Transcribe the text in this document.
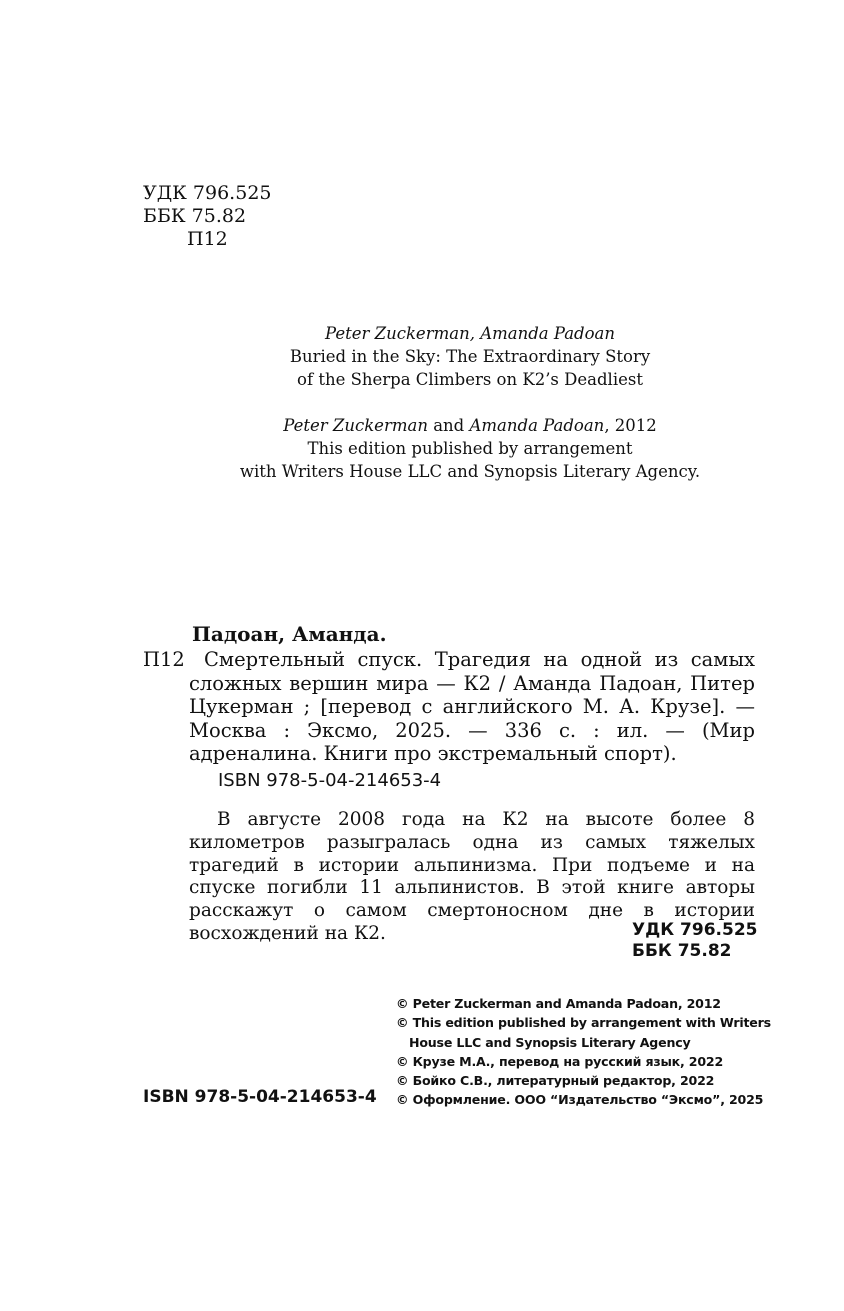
УДК 796.525
ББК 75.82
П12
Peter Zuckerman, Amanda Padoan
Buried in the Sky: The Extraordinary Story
of the Sherpa Climbers on K2’s Deadliest
Peter Zuckerman and Amanda Padoan, 2012
This edition published by arrangement
with Writers House LLC and Synopsis Literary Agency.
Падоан, Аманда.
П12 Смертельный спуск. Трагедия на одной из самых сложных вершин мира — К2 / Аманда Падоан, Питер Цукерман ; [перевод с английского М. А. Крузе]. — Москва : Эксмо, 2025. — 336 с. : ил. — (Мир адреналина. Книги про экстремальный спорт).

ISBN 978-5-04-214653-4

В августе 2008 года на К2 на высоте более 8 километров разыгралась одна из самых тяжелых трагедий в истории альпинизма. При подъеме и на спуске погибли 11 альпинистов. В этой книге авторы расскажут о самом смертоносном дне в истории восхождений на К2.	УДК 796.525
ББК 75.82
ISBN 978-5-04-214653-4
© Peter Zuckerman and Amanda Padoan, 2012
© This edition published by arrangement with Writers
House LLC and Synopsis Literary Agency
© Крузе М.А., перевод на русский язык, 2022
© Бойко С.В., литературный редактор, 2022
© Оформление. ООО “Издательство “Эксмо”, 2025
